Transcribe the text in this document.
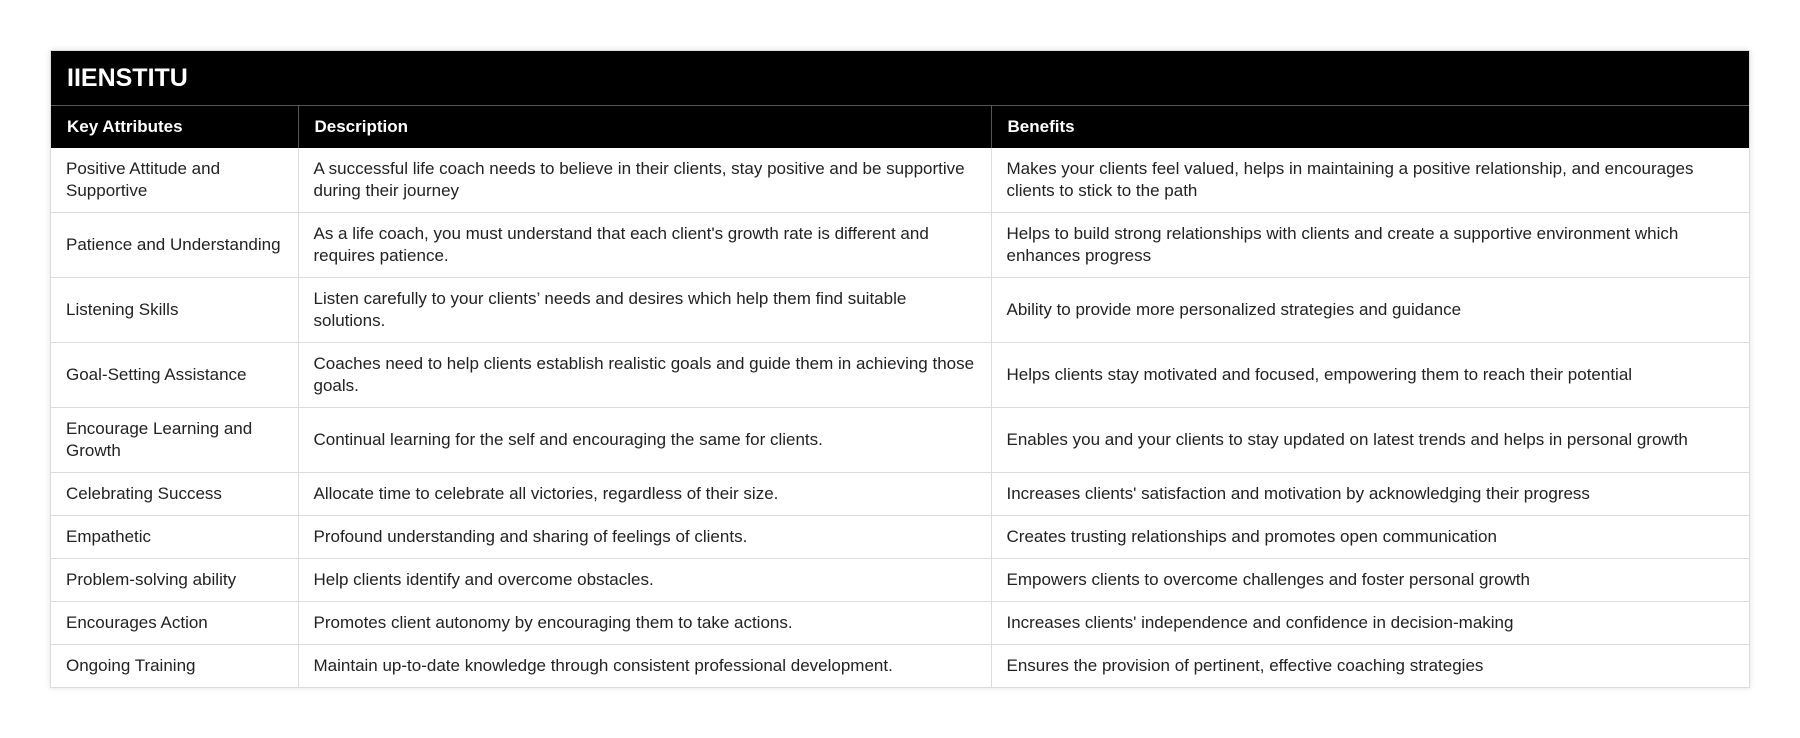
IIENSTITU		
Key Attributes	Description	Benefits
Positive Attitude and Supportive	A successful life coach needs to believe in their clients, stay positive and be supportive during their journey	Makes your clients feel valued, helps in maintaining a positive relationship, and encourages clients to stick to the path
Patience and Understanding	As a life coach, you must understand that each client's growth rate is different and requires patience.	Helps to build strong relationships with clients and create a supportive environment which enhances progress
Listening Skills	Listen carefully to your clients’ needs and desires which help them find suitable solutions.	Ability to provide more personalized strategies and guidance
Goal-Setting Assistance	Coaches need to help clients establish realistic goals and guide them in achieving those goals.	Helps clients stay motivated and focused, empowering them to reach their potential
Encourage Learning and Growth	Continual learning for the self and encouraging the same for clients.	Enables you and your clients to stay updated on latest trends and helps in personal growth
Celebrating Success	Allocate time to celebrate all victories, regardless of their size.	Increases clients' satisfaction and motivation by acknowledging their progress
Empathetic	Profound understanding and sharing of feelings of clients.	Creates trusting relationships and promotes open communication
Problem-solving ability	Help clients identify and overcome obstacles.	Empowers clients to overcome challenges and foster personal growth
Encourages Action	Promotes client autonomy by encouraging them to take actions.	Increases clients' independence and confidence in decision-making
Ongoing Training	Maintain up-to-date knowledge through consistent professional development.	Ensures the provision of pertinent, effective coaching strategies
